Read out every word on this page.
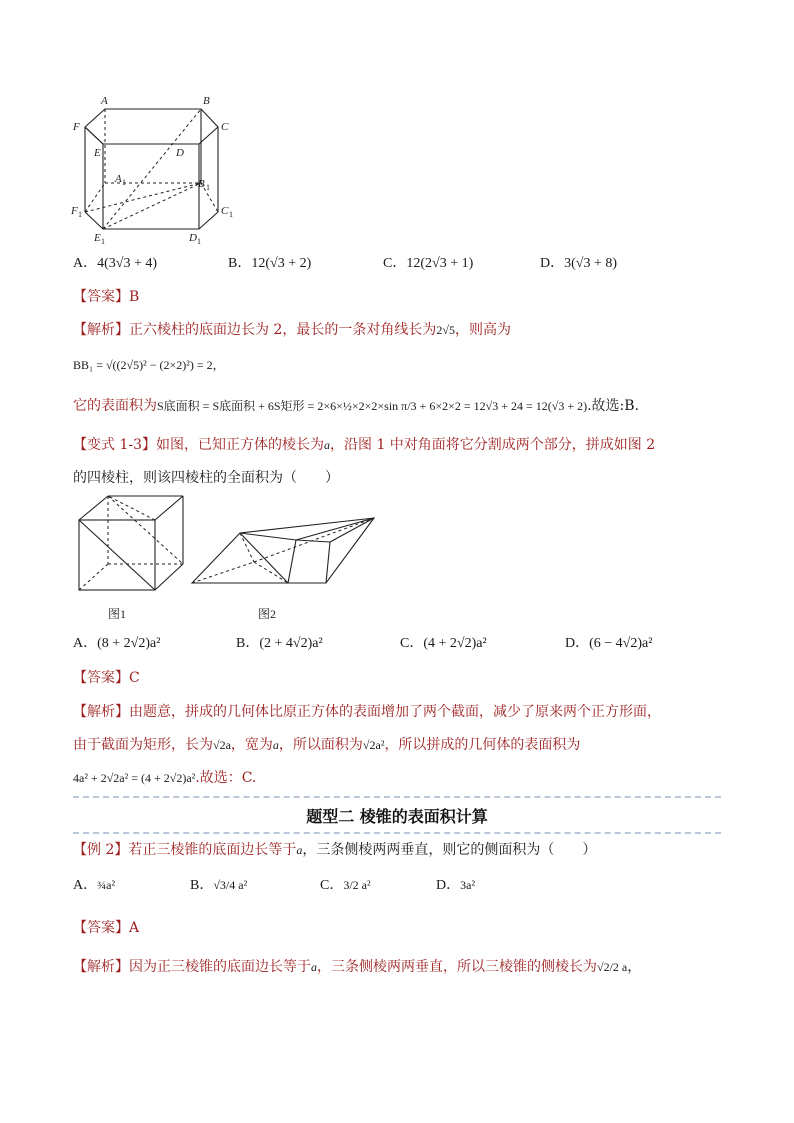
A	B
F	C
E	D
A 1	B 1
F 1	C 1
E 1	D 1
A．4(3√3 + 4)	B．12(√3 + 2)	C．12(2√3 + 1)	D．3(√3 + 8)
【答案】B
【解析】正六棱柱的底面边长为 2，最长的一条对角线长为2√5，则高为
BB₁ = √((2√5)² − (2×2)²) = 2，
它的表面积为S底面积 = S底面积 + 6S矩形 = 2×6×½×2×2×sin π/3 + 6×2×2 = 12√3 + 24 = 12(√3 + 2).故选:B.
【变式 1-3】如图，已知正方体的棱长为a，沿图 1 中对角面将它分割成两个部分，拼成如图 2
的四棱柱，则该四棱柱的全面积为（　　）
图1	图2
A．(8 + 2√2)a²	B．(2 + 4√2)a²	C．(4 + 2√2)a²	D．(6 − 4√2)a²
【答案】C
【解析】由题意，拼成的几何体比原正方体的表面增加了两个截面，减少了原来两个正方形面，
由于截面为矩形，长为√2a，宽为a，所以面积为√2a²，所以拼成的几何体的表面积为
4a² + 2√2a² = (4 + 2√2)a².故选：C.
题型二 棱锥的表面积计算
【例 2】若正三棱锥的底面边长等于a，三条侧棱两两垂直，则它的侧面积为（　　）
A．¾a²	B．√3/4 a²	C．3/2 a²	D．3a²
【答案】A
【解析】因为正三棱锥的底面边长等于a，三条侧棱两两垂直，所以三棱锥的侧棱长为√2/2 a，
